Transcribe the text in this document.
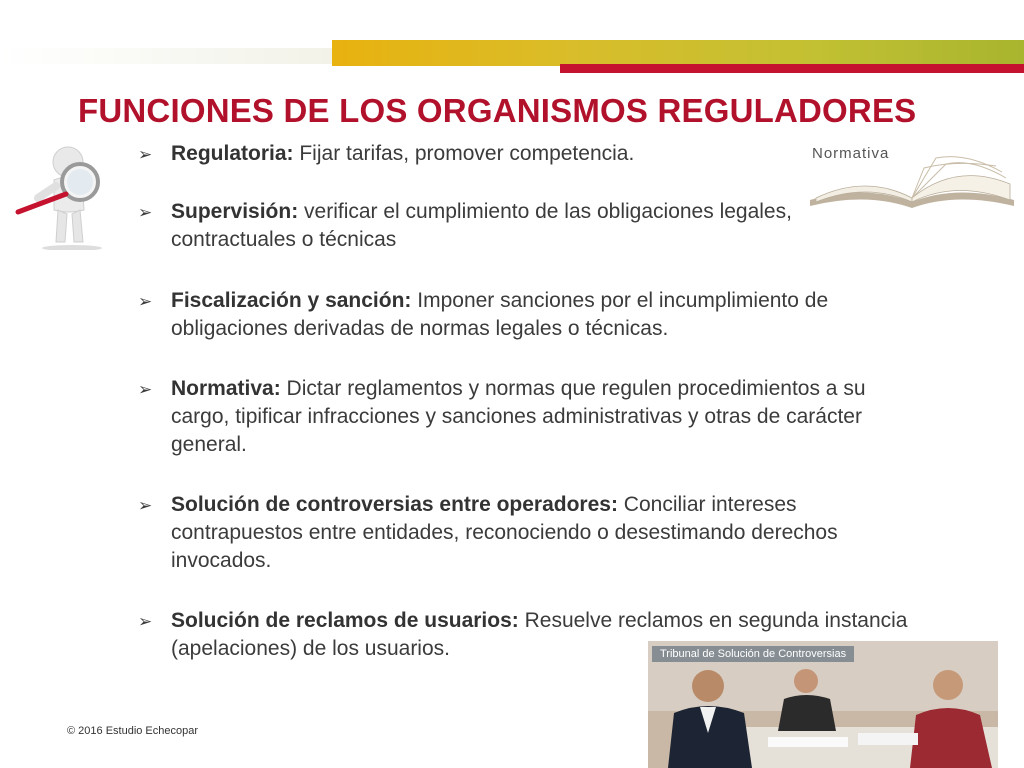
FUNCIONES DE LOS ORGANISMOS REGULADORES
➢ Regulatoria: Fijar tarifas, promover competencia.
➢ Supervisión: verificar el cumplimiento de las obligaciones legales, contractuales o técnicas
➢ Fiscalización y sanción: Imponer sanciones por el incumplimiento de obligaciones derivadas de normas legales o técnicas.
➢ Normativa: Dictar reglamentos y normas que regulen procedimientos a su cargo, tipificar infracciones y sanciones administrativas y otras de carácter general.
➢ Solución de controversias entre operadores: Conciliar intereses contrapuestos entre entidades, reconociendo o desestimando derechos invocados.
➢ Solución de reclamos de usuarios: Resuelve reclamos en segunda instancia (apelaciones) de los usuarios.
Normativa
Tribunal de Solución de Controversias
© 2016 Estudio Echecopar
